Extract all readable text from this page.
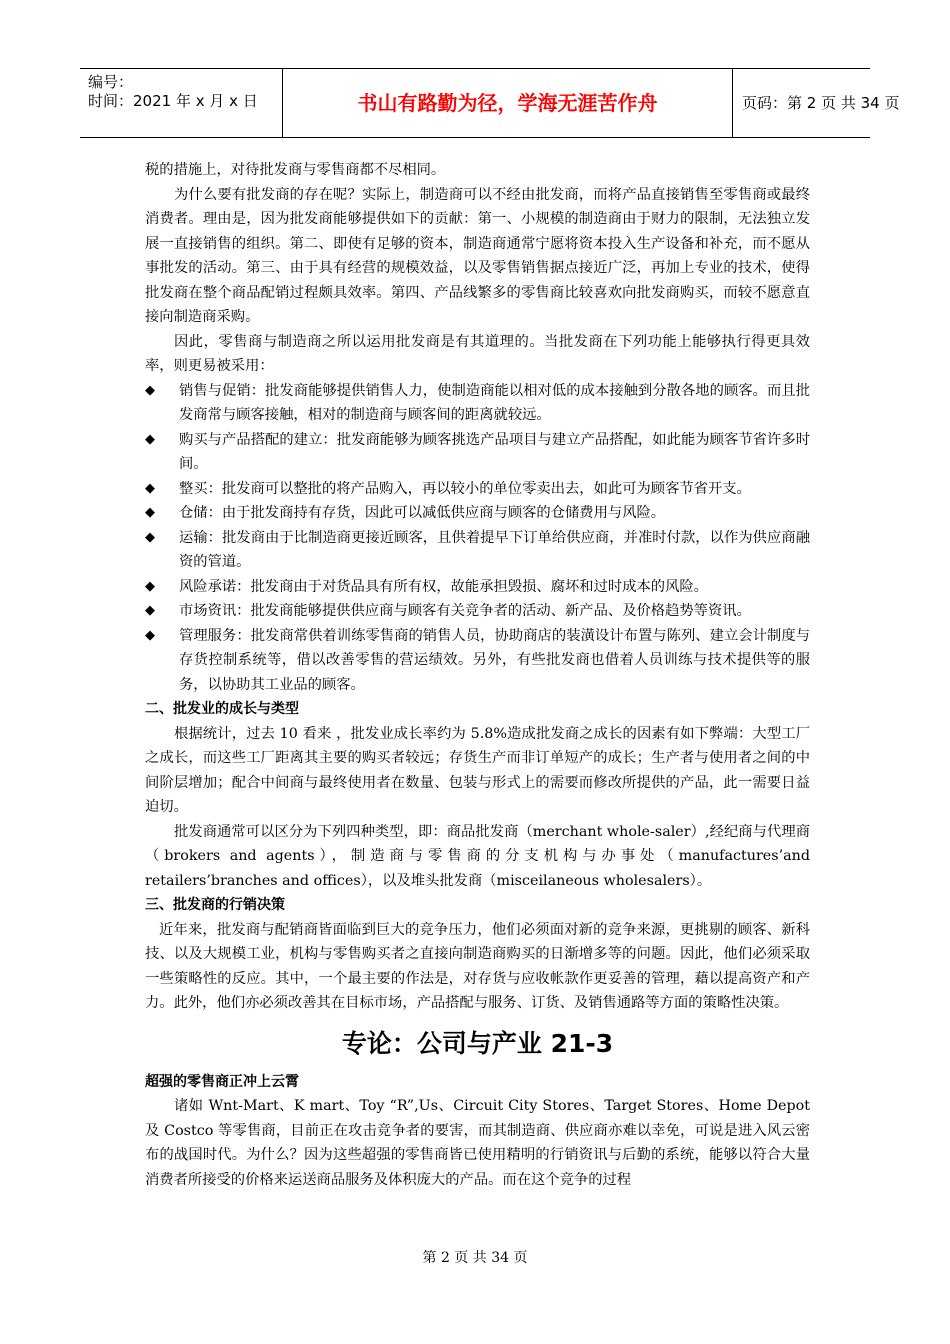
编号：
时间：2021 年 x 月 x 日	书山有路勤为径，学海无涯苦作舟	页码：第 2 页 共 34 页

税的措施上，对待批发商与零售商都不尽相同。

为什么要有批发商的存在呢？实际上，制造商可以不经由批发商，而将产品直接销售至零售商或最终消费者。理由是，因为批发商能够提供如下的贡献：第一、小规模的制造商由于财力的限制，无法独立发展一直接销售的组织。第二、即使有足够的资本，制造商通常宁愿将资本投入生产设备和补充，而不愿从事批发的活动。第三、由于具有经营的规模效益，以及零售销售据点接近广泛，再加上专业的技术，使得批发商在整个商品配销过程颇具效率。第四、产品线繁多的零售商比较喜欢向批发商购买，而较不愿意直接向制造商采购。

因此，零售商与制造商之所以运用批发商是有其道理的。当批发商在下列功能上能够执行得更具效率，则更易被采用：

◆ 销售与促销：批发商能够提供销售人力，使制造商能以相对低的成本接触到分散各地的顾客。而且批发商常与顾客接触，相对的制造商与顾客间的距离就较远。

◆ 购买与产品搭配的建立：批发商能够为顾客挑选产品项目与建立产品搭配，如此能为顾客节省许多时间。

◆ 整买：批发商可以整批的将产品购入，再以较小的单位零卖出去，如此可为顾客节省开支。

◆ 仓储：由于批发商持有存货，因此可以减低供应商与顾客的仓储费用与风险。

◆ 运输：批发商由于比制造商更接近顾客，且供着提早下订单给供应商，并准时付款，以作为供应商融资的管道。

◆ 风险承诺：批发商由于对货品具有所有权，故能承担毁损、腐坏和过时成本的风险。

◆ 市场资讯：批发商能够提供供应商与顾客有关竞争者的活动、新产品、及价格趋势等资讯。

◆ 管理服务：批发商常供着训练零售商的销售人员，协助商店的装潢设计布置与陈列、建立会计制度与存货控制系统等，借以改善零售的营运绩效。另外，有些批发商也借着人员训练与技术提供等的服务，以协助其工业品的顾客。

二、批发业的成长与类型

根据统计，过去 10 看来 ，批发业成长率约为 5.8%造成批发商之成长的因素有如下弊端：大型工厂之成长，而这些工厂距离其主要的购买者较远；存货生产而非订单短产的成长；生产者与使用者之间的中间阶层增加；配合中间商与最终使用者在数量、包装与形式上的需要而修改所提供的产品，此一需要日益迫切。

批发商通常可以区分为下列四种类型，即：商品批发商（merchant whole-saler）,经纪商与代理商（brokers and agents），制造商与零售商的分支机构与办事处（manufactures’and retailers’branches and offices），以及堆头批发商（misceilaneous wholesalers）。

三、批发商的行销决策

近年来，批发商与配销商皆面临到巨大的竞争压力，他们必须面对新的竞争来源，更挑剔的顾客、新科技、以及大规模工业，机构与零售购买者之直接向制造商购买的日渐增多等的问题。因此，他们必须采取一些策略性的反应。其中，一个最主要的作法是，对存货与应收帐款作更妥善的管理，藉以提高资产和产力。此外，他们亦必须改善其在目标市场，产品搭配与服务、订货、及销售通路等方面的策略性决策。

专论：公司与产业 21-3

超强的零售商正冲上云霄

诸如 Wnt-Mart、K mart、Toy “R”,Us、Circuit City Stores、Target Stores、Home Depot 及 Costco 等零售商，目前正在攻击竞争者的要害，而其制造商、供应商亦难以幸免，可说是进入风云密布的战国时代。为什么？因为这些超强的零售商皆已使用精明的行销资讯与后勤的系统，能够以符合大量消费者所接受的价格来运送商品服务及体积庞大的产品。而在这个竞争的过程

第 2 页 共 34 页
